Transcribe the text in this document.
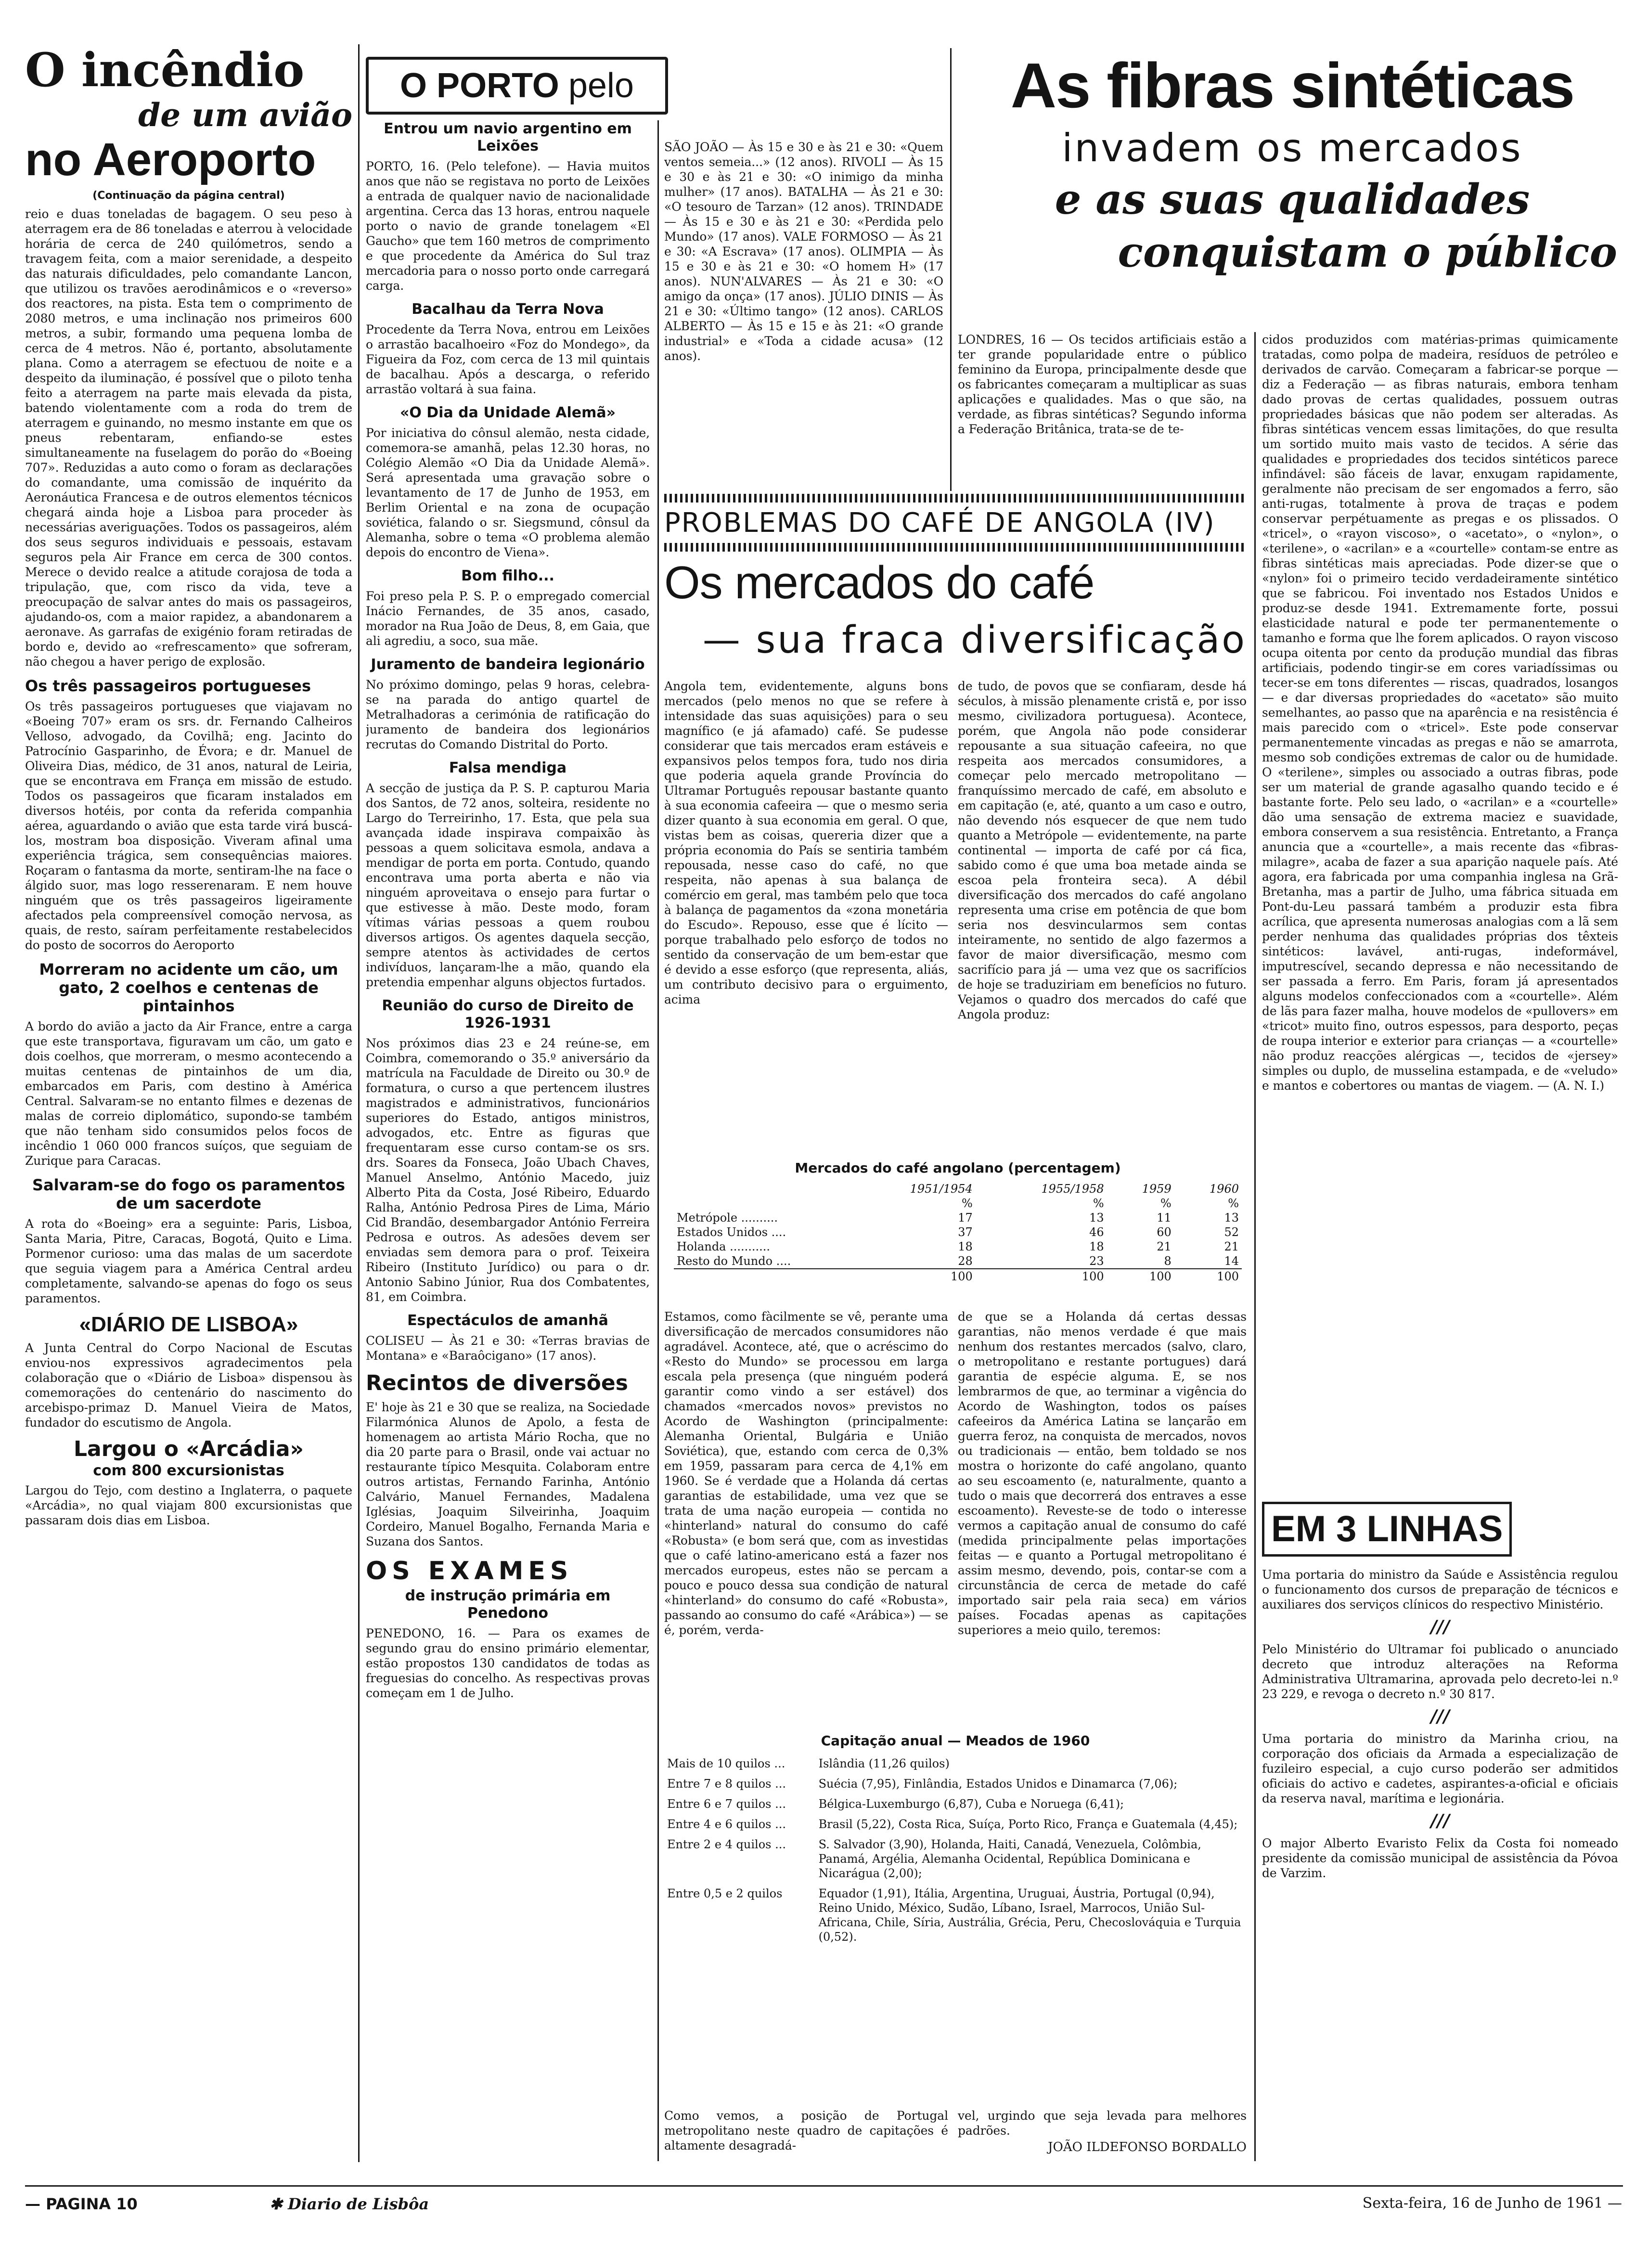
O incêndio
de um avião
no Aeroporto
(Continuação da página central)

reio e duas toneladas de bagagem. O seu peso à aterragem era de 86 toneladas e aterrou à velocidade horária de cerca de 240 quilómetros, sendo a travagem feita, com a maior serenidade, a despeito das naturais dificuldades, pelo comandante Lancon, que utilizou os travões aerodinâmicos e o «reverso» dos reactores, na pista. Esta tem o comprimento de 2080 metros, e uma inclinação nos primeiros 600 metros, a subir, formando uma pequena lomba de cerca de 4 metros. Não é, portanto, absolutamente plana. Como a aterragem se efectuou de noite e a despeito da iluminação, é possível que o piloto tenha feito a aterragem na parte mais elevada da pista, batendo violentamente com a roda do trem de aterragem e guinando, no mesmo instante em que os pneus rebentaram, enfiando-se estes simultaneamente na fuselagem do porão do «Boeing 707». Reduzidas a auto como o foram as declarações do comandante, uma comissão de inquérito da Aeronáutica Francesa e de outros elementos técnicos chegará ainda hoje a Lisboa para proceder às necessárias averiguações. Todos os passageiros, além dos seus seguros individuais e pessoais, estavam seguros pela Air France em cerca de 300 contos. Merece o devido realce a atitude corajosa de toda a tripulação, que, com risco da vida, teve a preocupação de salvar antes do mais os passageiros, ajudando-os, com a maior rapidez, a abandonarem a aeronave. As garrafas de exigénio foram retiradas de bordo e, devido ao «refrescamento» que sofreram, não chegou a haver perigo de explosão.

Os três passageiros portugueses

Os três passageiros portugueses que viajavam no «Boeing 707» eram os srs. dr. Fernando Calheiros Velloso, advogado, da Covilhã; eng. Jacinto do Patrocínio Gasparinho, de Évora; e dr. Manuel de Oliveira Dias, médico, de 31 anos, natural de Leiria, que se encontrava em França em missão de estudo. Todos os passageiros que ficaram instalados em diversos hotéis, por conta da referida companhia aérea, aguardando o avião que esta tarde virá buscá-los, mostram boa disposição. Viveram afinal uma experiência trágica, sem consequências maiores. Roçaram o fantasma da morte, sentiram-lhe na face o álgido suor, mas logo resserenaram. E nem houve ninguém que os três passageiros ligeiramente afectados pela compreensível comoção nervosa, as quais, de resto, saíram perfeitamente restabelecidos do posto de socorros do Aeroporto

Morreram no acidente um cão, um gato, 2 coelhos e centenas de pintainhos

A bordo do avião a jacto da Air France, entre a carga que este transportava, figuravam um cão, um gato e dois coelhos, que morreram, o mesmo acontecendo a muitas centenas de pintainhos de um dia, embarcados em Paris, com destino à América Central. Salvaram-se no entanto filmes e dezenas de malas de correio diplomático, supondo-se também que não tenham sido consumidos pelos focos de incêndio 1 060 000 francos suíços, que seguiam de Zurique para Caracas.

Salvaram-se do fogo os paramentos de um sacerdote

A rota do «Boeing» era a seguinte: Paris, Lisboa, Santa Maria, Pitre, Caracas, Bogotá, Quito e Lima. Pormenor curioso: uma das malas de um sacerdote que seguia viagem para a América Central ardeu completamente, salvando-se apenas do fogo os seus paramentos.

«DIÁRIO DE LISBOA»

A Junta Central do Corpo Nacional de Escutas enviou-nos expressivos agradecimentos pela colaboração que o «Diário de Lisboa» dispensou às comemorações do centenário do nascimento do arcebispo-primaz D. Manuel Vieira de Matos, fundador do escutismo de Angola.

Largou o «Arcádia»
com 800 excursionistas

Largou do Tejo, com destino a Inglaterra, o paquete «Arcádia», no qual viajam 800 excursionistas que passaram dois dias em Lisboa.

O PORTO pelo
Entrou um navio argentino em Leixões

PORTO, 16. (Pelo telefone). — Havia muitos anos que não se registava no porto de Leixões a entrada de qualquer navio de nacionalidade argentina. Cerca das 13 horas, entrou naquele porto o navio de grande tonelagem «El Gaucho» que tem 160 metros de comprimento e que procedente da América do Sul traz mercadoria para o nosso porto onde carregará carga.

Bacalhau da Terra Nova

Procedente da Terra Nova, entrou em Leixões o arrastão bacalhoeiro «Foz do Mondego», da Figueira da Foz, com cerca de 13 mil quintais de bacalhau. Após a descarga, o referido arrastão voltará à sua faina.

«O Dia da Unidade Alemã»

Por iniciativa do cônsul alemão, nesta cidade, comemora-se amanhã, pelas 12.30 horas, no Colégio Alemão «O Dia da Unidade Alemã». Será apresentada uma gravação sobre o levantamento de 17 de Junho de 1953, em Berlim Oriental e na zona de ocupação soviética, falando o sr. Siegsmund, cônsul da Alemanha, sobre o tema «O problema alemão depois do encontro de Viena».

Bom filho...

Foi preso pela P. S. P. o empregado comercial Inácio Fernandes, de 35 anos, casado, morador na Rua João de Deus, 8, em Gaia, que ali agrediu, a soco, sua mãe.

Juramento de bandeira legionário

No próximo domingo, pelas 9 horas, celebra-se na parada do antigo quartel de Metralhadoras a cerimónia de ratificação do juramento de bandeira dos legionários recrutas do Comando Distrital do Porto.

Falsa mendiga

A secção de justiça da P. S. P. capturou Maria dos Santos, de 72 anos, solteira, residente no Largo do Terreirinho, 17. Esta, que pela sua avançada idade inspirava compaixão às pessoas a quem solicitava esmola, andava a mendigar de porta em porta. Contudo, quando encontrava uma porta aberta e não via ninguém aproveitava o ensejo para furtar o que estivesse à mão. Deste modo, foram vítimas várias pessoas a quem roubou diversos artigos. Os agentes daquela secção, sempre atentos às actividades de certos indivíduos, lançaram-lhe a mão, quando ela pretendia empenhar alguns objectos furtados.

Reunião do curso de Direito de 1926-1931

Nos próximos dias 23 e 24 reúne-se, em Coimbra, comemorando o 35.º aniversário da matrícula na Faculdade de Direito ou 30.º de formatura, o curso a que pertencem ilustres magistrados e administrativos, funcionários superiores do Estado, antigos ministros, advogados, etc. Entre as figuras que frequentaram esse curso contam-se os srs. drs. Soares da Fonseca, João Ubach Chaves, Manuel Anselmo, António Macedo, juiz Alberto Pita da Costa, José Ribeiro, Eduardo Ralha, António Pedrosa Pires de Lima, Mário Cid Brandão, desembargador António Ferreira Pedrosa e outros. As adesões devem ser enviadas sem demora para o prof. Teixeira Ribeiro (Instituto Jurídico) ou para o dr. Antonio Sabino Júnior, Rua dos Combatentes, 81, em Coimbra.

Espectáculos de amanhã

COLISEU — Às 21 e 30: «Terras bravias de Montana» e «Baraôcigano» (17 anos).

Recintos de diversões

E' hoje às 21 e 30 que se realiza, na Sociedade Filarmónica Alunos de Apolo, a festa de homenagem ao artista Mário Rocha, que no dia 20 parte para o Brasil, onde vai actuar no restaurante típico Mesquita. Colaboram entre outros artistas, Fernando Farinha, António Calvário, Manuel Fernandes, Madalena Iglésias, Joaquim Silveirinha, Joaquim Cordeiro, Manuel Bogalho, Fernanda Maria e Suzana dos Santos.

OS EXAMES
de instrução primária em Penedono

PENEDONO, 16. — Para os exames de segundo grau do ensino primário elementar, estão propostos 130 candidatos de todas as freguesias do concelho. As respectivas provas começam em 1 de Julho.

SÃO JOÃO — Às 15 e 30 e às 21 e 30: «Quem ventos semeia...» (12 anos). RIVOLI — Às 15 e 30 e às 21 e 30: «O inimigo da minha mulher» (17 anos). BATALHA — Às 21 e 30: «O tesouro de Tarzan» (12 anos). TRINDADE — Às 15 e 30 e às 21 e 30: «Perdida pelo Mundo» (17 anos). VALE FORMOSO — Às 21 e 30: «A Escrava» (17 anos). OLIMPIA — Às 15 e 30 e às 21 e 30: «O homem H» (17 anos). NUN'ALVARES — Às 21 e 30: «O amigo da onça» (17 anos). JÚLIO DINIS — Às 21 e 30: «Último tango» (12 anos). CARLOS ALBERTO — Às 15 e 15 e às 21: «O grande industrial» e «Toda a cidade acusa» (12 anos).

As fibras sintéticas
invadem os mercados
e as suas qualidades
conquistam o público

LONDRES, 16 — Os tecidos artificiais estão a ter grande popularidade entre o público feminino da Europa, principalmente desde que os fabricantes começaram a multiplicar as suas aplicações e qualidades. Mas o que são, na verdade, as fibras sintéticas? Segundo informa a Federação Britânica, trata-se de te-

cidos produzidos com matérias-primas quimicamente tratadas, como polpa de madeira, resíduos de petróleo e derivados de carvão. Começaram a fabricar-se porque — diz a Federação — as fibras naturais, embora tenham dado provas de certas qualidades, possuem outras propriedades básicas que não podem ser alteradas. As fibras sintéticas vencem essas limitações, do que resulta um sortido muito mais vasto de tecidos. A série das qualidades e propriedades dos tecidos sintéticos parece infindável: são fáceis de lavar, enxugam rapidamente, geralmente não precisam de ser engomados a ferro, são anti-rugas, totalmente à prova de traças e podem conservar perpétuamente as pregas e os plissados. O «tricel», o «rayon viscoso», o «acetato», o «nylon», o «terilene», o «acrilan» e a «courtelle» contam-se entre as fibras sintéticas mais apreciadas. Pode dizer-se que o «nylon» foi o primeiro tecido verdadeiramente sintético que se fabricou. Foi inventado nos Estados Unidos e produz-se desde 1941. Extremamente forte, possui elasticidade natural e pode ter permanentemente o tamanho e forma que lhe forem aplicados. O rayon viscoso ocupa oitenta por cento da produção mundial das fibras artificiais, podendo tingir-se em cores variadíssimas ou tecer-se em tons diferentes — riscas, quadrados, losangos — e dar diversas propriedades do «acetato» são muito semelhantes, ao passo que na aparência e na resistência é mais parecido com o «tricel». Este pode conservar permanentemente vincadas as pregas e não se amarrota, mesmo sob condições extremas de calor ou de humidade. O «terilene», simples ou associado a outras fibras, pode ser um material de grande agasalho quando tecido e é bastante forte. Pelo seu lado, o «acrilan» e a «courtelle» dão uma sensação de extrema maciez e suavidade, embora conservem a sua resistência. Entretanto, a França anuncia que a «courtelle», a mais recente das «fibras-milagre», acaba de fazer a sua aparição naquele país. Até agora, era fabricada por uma companhia inglesa na Grã-Bretanha, mas a partir de Julho, uma fábrica situada em Pont-du-Leu passará também a produzir esta fibra acrílica, que apresenta numerosas analogias com a lã sem perder nenhuma das qualidades próprias dos têxteis sintéticos: lavável, anti-rugas, indeformável, imputrescível, secando depressa e não necessitando de ser passada a ferro. Em Paris, foram já apresentados alguns modelos confeccionados com a «courtelle». Além de lãs para fazer malha, houve modelos de «pullovers» em «tricot» muito fino, outros espessos, para desporto, peças de roupa interior e exterior para crianças — a «courtelle» não produz reacções alérgicas —, tecidos de «jersey» simples ou duplo, de musselina estampada, e de «veludo» e mantos e cobertores ou mantas de viagem. — (A. N. I.)

EM 3 LINHAS

Uma portaria do ministro da Saúde e Assistência regulou o funcionamento dos cursos de preparação de técnicos e auxiliares dos serviços clínicos do respectivo Ministério.

///

Pelo Ministério do Ultramar foi publicado o anunciado decreto que introduz alterações na Reforma Administrativa Ultramarina, aprovada pelo decreto-lei n.º 23 229, e revoga o decreto n.º 30 817.

///

Uma portaria do ministro da Marinha criou, na corporação dos oficiais da Armada a especialização de fuzileiro especial, a cujo curso poderão ser admitidos oficiais do activo e cadetes, aspirantes-a-oficial e oficiais da reserva naval, marítima e legionária.

///

O major Alberto Evaristo Felix da Costa foi nomeado presidente da comissão municipal de assistência da Póvoa de Varzim.

PROBLEMAS DO CAFÉ DE ANGOLA (IV)
Os mercados do café
— sua fraca diversificação

Angola tem, evidentemente, alguns bons mercados (pelo menos no que se refere à intensidade das suas aquisições) para o seu magnífico (e já afamado) café. Se pudesse considerar que tais mercados eram estáveis e expansivos pelos tempos fora, tudo nos diria que poderia aquela grande Província do Ultramar Português repousar bastante quanto à sua economia cafeeira — que o mesmo seria dizer quanto à sua economia em geral. O que, vistas bem as coisas, quereria dizer que a própria economia do País se sentiria também repousada, nesse caso do café, no que respeita, não apenas à sua balança de comércio em geral, mas também pelo que toca à balança de pagamentos da «zona monetária do Escudo». Repouso, esse que é lícito — porque trabalhado pelo esforço de todos no sentido da conservação de um bem-estar que é devido a esse esforço (que representa, aliás, um contributo decisivo para o erguimento, acima

de tudo, de povos que se confiaram, desde há séculos, à missão plenamente cristã e, por isso mesmo, civilizadora portuguesa). Acontece, porém, que Angola não pode considerar repousante a sua situação cafeeira, no que respeita aos mercados consumidores, a começar pelo mercado metropolitano — franquíssimo mercado de café, em absoluto e em capitação (e, até, quanto a um caso e outro, não devendo nós esquecer de que nem tudo quanto a Metrópole — evidentemente, na parte continental — importa de café por cá fica, sabido como é que uma boa metade ainda se escoa pela fronteira seca). A débil diversificação dos mercados do café angolano representa uma crise em potência de que bom seria nos desvincularmos sem contas inteiramente, no sentido de algo fazermos a favor de maior diversificação, mesmo com sacrifício para já — uma vez que os sacrifícios de hoje se traduziriam em benefícios no futuro. Vejamos o quadro dos mercados do café que Angola produz:

Mercados do café angolano (percentagem)
	1951/1954	1955/1958	1959	1960
	%	%	%	%
Metrópole ..........	17	13	11	13
Estados Unidos ....	37	46	60	52
Holanda ...........	18	18	21	21
Resto do Mundo ....	28	23	8	14
	100	100	100	100

Estamos, como fàcilmente se vê, perante uma diversificação de mercados consumidores não agradável. Acontece, até, que o acréscimo do «Resto do Mundo» se processou em larga escala pela presença (que ninguém poderá garantir como vindo a ser estável) dos chamados «mercados novos» previstos no Acordo de Washington (principalmente: Alemanha Oriental, Bulgária e União Soviética), que, estando com cerca de 0,3% em 1959, passaram para cerca de 4,1% em 1960. Se é verdade que a Holanda dá certas garantias de estabilidade, uma vez que se trata de uma nação europeia — contida no «hinterland» natural do consumo do café «Robusta» (e bom será que, com as investidas que o café latino-americano está a fazer nos mercados europeus, estes não se percam a pouco e pouco dessa sua condição de natural «hinterland» do consumo do café «Robusta», passando ao consumo do café «Arábica») — se é, porém, verda-

de que se a Holanda dá certas dessas garantias, não menos verdade é que mais nenhum dos restantes mercados (salvo, claro, o metropolitano e restante portugues) dará garantia de espécie alguma. E, se nos lembrarmos de que, ao terminar a vigência do Acordo de Washington, todos os países cafeeiros da América Latina se lançarão em guerra feroz, na conquista de mercados, novos ou tradicionais — então, bem toldado se nos mostra o horizonte do café angolano, quanto ao seu escoamento (e, naturalmente, quanto a tudo o mais que decorrerá dos entraves a esse escoamento). Reveste-se de todo o interesse vermos a capitação anual de consumo do café (medida principalmente pelas importações feitas — e quanto a Portugal metropolitano é assim mesmo, devendo, pois, contar-se com a circunstância de cerca de metade do café importado sair pela raia seca) em vários países. Focadas apenas as capitações superiores a meio quilo, teremos:

Capitação anual — Meados de 1960
Mais de 10 quilos ...	Islândia (11,26 quilos)
Entre 7 e 8 quilos ...	Suécia (7,95), Finlândia, Estados Unidos e Dinamarca (7,06);
Entre 6 e 7 quilos ...	Bélgica-Luxemburgo (6,87), Cuba e Noruega (6,41);
Entre 4 e 6 quilos ...	Brasil (5,22), Costa Rica, Suíça, Porto Rico, França e Guatemala (4,45);
Entre 2 e 4 quilos ...	S. Salvador (3,90), Holanda, Haiti, Canadá, Venezuela, Colômbia, Panamá, Argélia, Alemanha Ocidental, República Dominicana e Nicarágua (2,00);
Entre 0,5 e 2 quilos	Equador (1,91), Itália, Argentina, Uruguai, Áustria, Portugal (0,94), Reino Unido, México, Sudão, Líbano, Israel, Marrocos, União Sul-Africana, Chile, Síria, Austrália, Grécia, Peru, Checoslováquia e Turquia (0,52).

Como vemos, a posição de Portugal metropolitano neste quadro de capitações é altamente desagradá-

vel, urgindo que seja levada para melhores padrões.

JOÃO ILDEFONSO BORDALLO
— PAGINA 10	✱ Diario de Lisbôa	Sexta-feira, 16 de Junho de 1961 —
